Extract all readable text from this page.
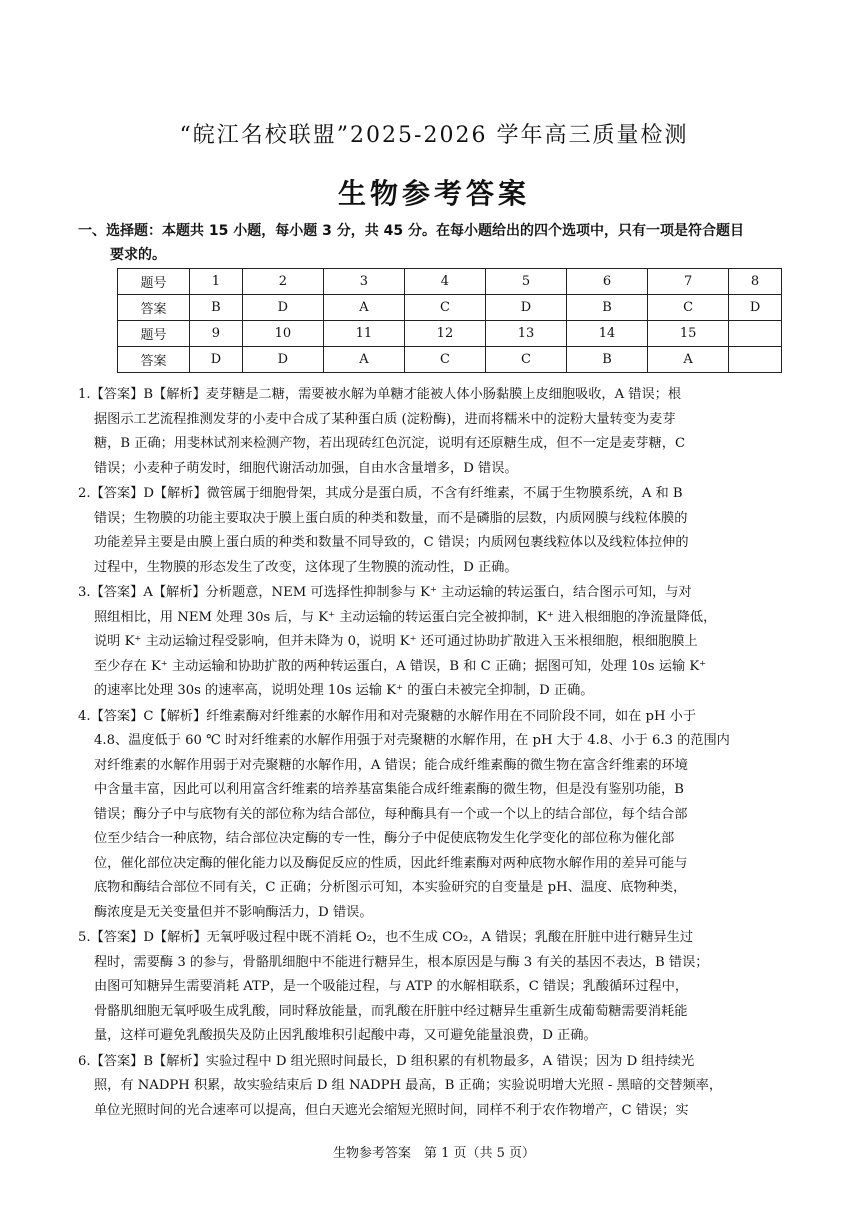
“皖江名校联盟”2025-2026 学年高三质量检测
生物参考答案
一、选择题：本题共 15 小题，每小题 3 分，共 45 分。在每小题给出的四个选项中，只有一项是符合题目
要求的。
题号	1	2	3	4	5	6	7	8
答案	B	D	A	C	D	B	C	D
题号	9	10	11	12	13	14	15	
答案	D	D	A	C	C	B	A	
1.【答案】B【解析】麦芽糖是二糖，需要被水解为单糖才能被人体小肠黏膜上皮细胞吸收，A 错误；根
据图示工艺流程推测发芽的小麦中合成了某种蛋白质 (淀粉酶)，进而将糯米中的淀粉大量转变为麦芽
糖，B 正确；用斐林试剂来检测产物，若出现砖红色沉淀，说明有还原糖生成，但不一定是麦芽糖，C
错误；小麦种子萌发时，细胞代谢活动加强，自由水含量增多，D 错误。
2.【答案】D【解析】微管属于细胞骨架，其成分是蛋白质，不含有纤维素，不属于生物膜系统，A 和 B
错误；生物膜的功能主要取决于膜上蛋白质的种类和数量，而不是磷脂的层数，内质网膜与线粒体膜的
功能差异主要是由膜上蛋白质的种类和数量不同导致的，C 错误；内质网包裹线粒体以及线粒体拉伸的
过程中，生物膜的形态发生了改变，这体现了生物膜的流动性，D 正确。
3.【答案】A【解析】分析题意，NEM 可选择性抑制参与 K⁺ 主动运输的转运蛋白，结合图示可知，与对
照组相比，用 NEM 处理 30s 后，与 K⁺ 主动运输的转运蛋白完全被抑制，K⁺ 进入根细胞的净流量降低，
说明 K⁺ 主动运输过程受影响，但并未降为 0，说明 K⁺ 还可通过协助扩散进入玉米根细胞，根细胞膜上
至少存在 K⁺ 主动运输和协助扩散的两种转运蛋白，A 错误，B 和 C 正确；据图可知，处理 10s 运输 K⁺
的速率比处理 30s 的速率高，说明处理 10s 运输 K⁺ 的蛋白未被完全抑制，D 正确。
4.【答案】C【解析】纤维素酶对纤维素的水解作用和对壳聚糖的水解作用在不同阶段不同，如在 pH 小于
4.8、温度低于 60 ℃ 时对纤维素的水解作用强于对壳聚糖的水解作用，在 pH 大于 4.8、小于 6.3 的范围内
对纤维素的水解作用弱于对壳聚糖的水解作用，A 错误；能合成纤维素酶的微生物在富含纤维素的环境
中含量丰富，因此可以利用富含纤维素的培养基富集能合成纤维素酶的微生物，但是没有鉴别功能，B
错误；酶分子中与底物有关的部位称为结合部位，每种酶具有一个或一个以上的结合部位，每个结合部
位至少结合一种底物，结合部位决定酶的专一性，酶分子中促使底物发生化学变化的部位称为催化部
位，催化部位决定酶的催化能力以及酶促反应的性质，因此纤维素酶对两种底物水解作用的差异可能与
底物和酶结合部位不同有关，C 正确；分析图示可知，本实验研究的自变量是 pH、温度、底物种类，
酶浓度是无关变量但并不影响酶活力，D 错误。
5.【答案】D【解析】无氧呼吸过程中既不消耗 O₂，也不生成 CO₂，A 错误；乳酸在肝脏中进行糖异生过
程时，需要酶 3 的参与，骨骼肌细胞中不能进行糖异生，根本原因是与酶 3 有关的基因不表达，B 错误；
由图可知糖异生需要消耗 ATP，是一个吸能过程，与 ATP 的水解相联系，C 错误；乳酸循环过程中，
骨骼肌细胞无氧呼吸生成乳酸，同时释放能量，而乳酸在肝脏中经过糖异生重新生成葡萄糖需要消耗能
量，这样可避免乳酸损失及防止因乳酸堆积引起酸中毒，又可避免能量浪费，D 正确。
6.【答案】B【解析】实验过程中 D 组光照时间最长，D 组积累的有机物最多，A 错误；因为 D 组持续光
照，有 NADPH 积累，故实验结束后 D 组 NADPH 最高，B 正确；实验说明增大光照 - 黑暗的交替频率，
单位光照时间的光合速率可以提高，但白天遮光会缩短光照时间，同样不利于农作物增产，C 错误；实
生物参考答案　第 1 页（共 5 页）
